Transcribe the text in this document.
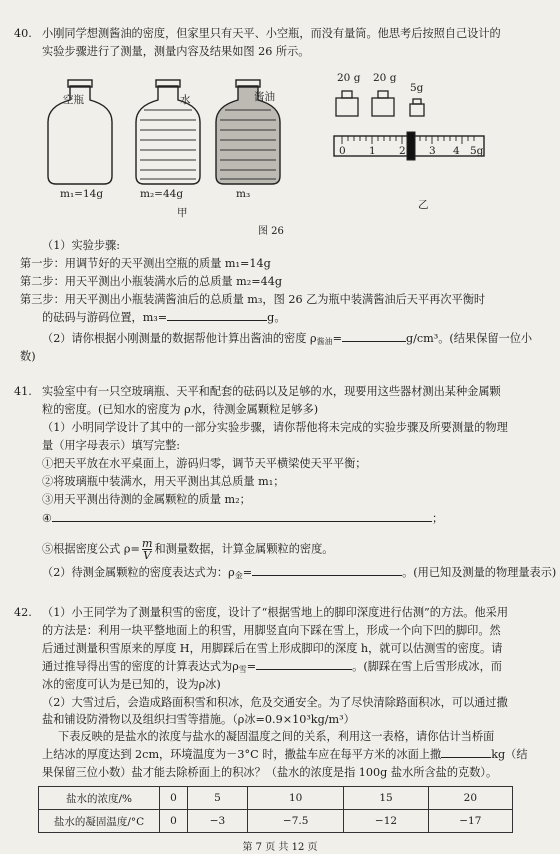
40. 小刚同学想测酱油的密度，但家里只有天平、小空瓶，而没有量筒。他思考后按照自己设计的
实验步骤进行了测量，测量内容及结果如图 26 所示。
空瓶	水	酱油
20 g 20 g
5g
0 1 2 3 4 5g
m₁=14g	m₂=44g	m₃
甲
乙
图 26
（1）实验步骤:
第一步：用调节好的天平测出空瓶的质量 m₁=14g
第二步：用天平测出小瓶装满水后的总质量 m₂=44g
第三步：用天平测出小瓶装满酱油后的总质量 m₃，图 26 乙为瓶中装满酱油后天平再次平衡时
的砝码与游码位置，m₃=	g。
（2）请你根据小刚测量的数据帮他计算出酱油的密度 $\rho_{酱油}=$	g/cm³。(结果保留一位小
数)
41. 实验室中有一只空玻璃瓶、天平和配套的砝码以及足够的水，现要用这些器材测出某种金属颗
粒的密度。(已知水的密度为 ρ水，待测金属颗粒足够多)
（1）小明同学设计了其中的一部分实验步骤，请你帮他将未完成的实验步骤及所要测量的物理
量（用字母表示）填写完整:
①把天平放在水平桌面上，游码归零，调节天平横梁使天平平衡；
②将玻璃瓶中装满水，用天平测出其总质量 m₁；
③用天平测出待测的金属颗粒的质量 m₂；
④	；
⑤根据密度公式 $\rho= \frac{m}{V}$ 和测量数据，计算金属颗粒的密度。
（2）待测金属颗粒的密度表达式为：$\rho_金=$	。(用已知及测量的物理量表示)
42. （1）小王同学为了测量积雪的密度，设计了“根据雪地上的脚印深度进行估测”的方法。他采用
的方法是：利用一块平整地面上的积雪，用脚竖直向下踩在雪上，形成一个向下凹的脚印。然
后通过测量积雪原来的厚度 H，用脚踩后在雪上形成脚印的深度 h，就可以估测雪的密度。请
通过推导得出雪的密度的计算表达式为$\rho_雪=$	。(脚踩在雪上后雪形成冰，而
冰的密度可认为是已知的，设为ρ冰)
（2）大雪过后，会造成路面积雪和积冰，危及交通安全。为了尽快清除路面积冰，可以通过撒
盐和铺设防滑物以及组织扫雪等措施。（ρ冰=0.9×10³kg/m³）
下表反映的是盐水的浓度与盐水的凝固温度之间的关系，利用这一表格，请你估计当桥面
上结冰的厚度达到 2cm，环境温度为－3°C 时，撒盐车应在每平方米的冰面上撒	kg（结
果保留三位小数）盐才能去除桥面上的积冰？（盐水的浓度是指 100g 盐水所含盐的克数）。
盐水的浓度/%	0	5	10	15	20
盐水的凝固温度/°C	0	−3	−7.5	−12	−17
第 7 页 共 12 页
